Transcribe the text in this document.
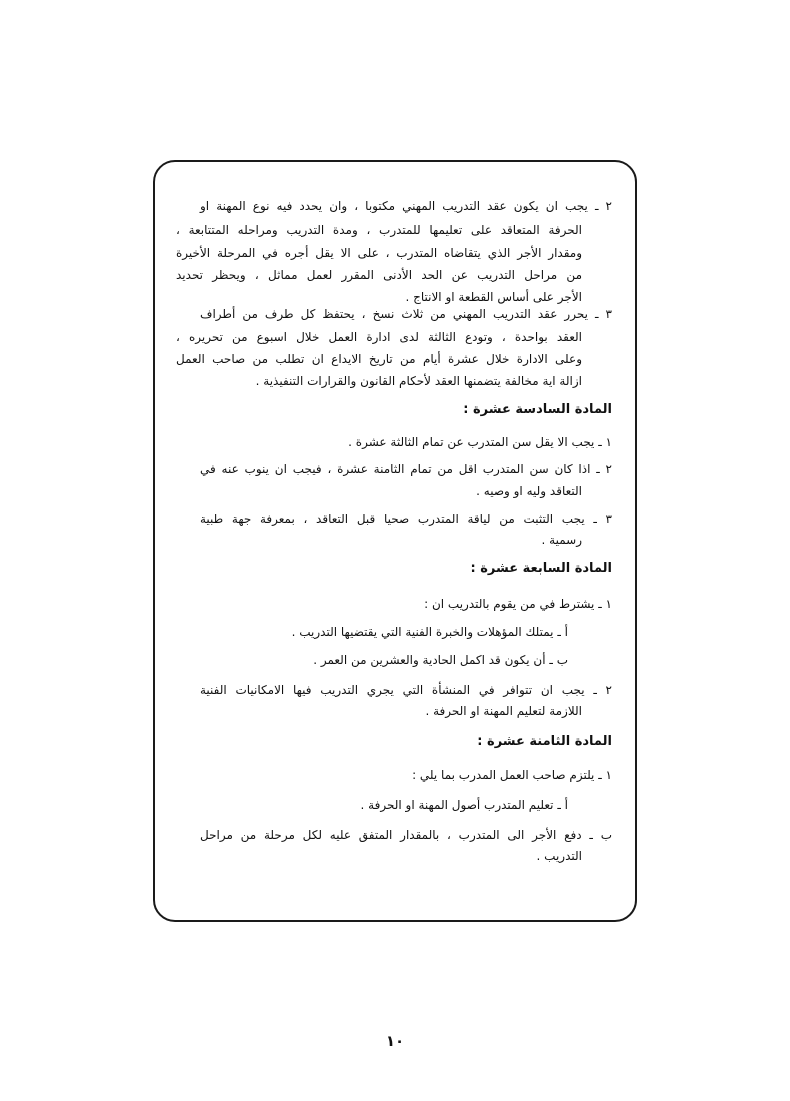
٢ ـ يجب ان يكون عقد التدريب المهني مكتوبا ، وان يحدد فيه نوع المهنة او
الحرفة المتعاقد على تعليمها للمتدرب ، ومدة التدريب ومراحله المتتابعة ،
ومقدار الأجر الذي يتقاضاه المتدرب ، على الا يقل أجره في المرحلة الأخيرة
من مراحل التدريب عن الحد الأدنى المقرر لعمل مماثل ، ويحظر تحديد
الأجر على أساس القطعة او الانتاج .
٣ ـ يحرر عقد التدريب المهني من ثلاث نسخ ، يحتفظ كل طرف من أطراف
العقد بواحدة ، وتودع الثالثة لدى ادارة العمل خلال اسبوع من تحريره ،
وعلى الادارة خلال عشرة أيام من تاريخ الايداع ان تطلب من صاحب العمل
ازالة اية مخالفة يتضمنها العقد لأحكام القانون والقرارات التنفيذية .
المادة السادسة عشرة :
١ ـ يجب الا يقل سن المتدرب عن تمام الثالثة عشرة .
٢ ـ اذا كان سن المتدرب اقل من تمام الثامنة عشرة ، فيجب ان ينوب عنه في
التعاقد وليه او وصيه .
٣ ـ يجب التثبت من لياقة المتدرب صحيا قبل التعاقد ، بمعرفة جهة طبية
رسمية .
المادة السابعة عشرة :
١ ـ يشترط في من يقوم بالتدريب ان :
أ ـ يمتلك المؤهلات والخبرة الفنية التي يقتضيها التدريب .
ب ـ أن يكون قد اكمل الحادية والعشرين من العمر .
٢ ـ يجب ان تتوافر في المنشأة التي يجري التدريب فيها الامكانيات الفنية
اللازمة لتعليم المهنة او الحرفة .
المادة الثامنة عشرة :
١ ـ يلتزم صاحب العمل المدرب بما يلي :
أ ـ تعليم المتدرب أصول المهنة او الحرفة .
ب ـ دفع الأجر الى المتدرب ، بالمقدار المتفق عليه لكل مرحلة من مراحل
التدريب .
١٠
